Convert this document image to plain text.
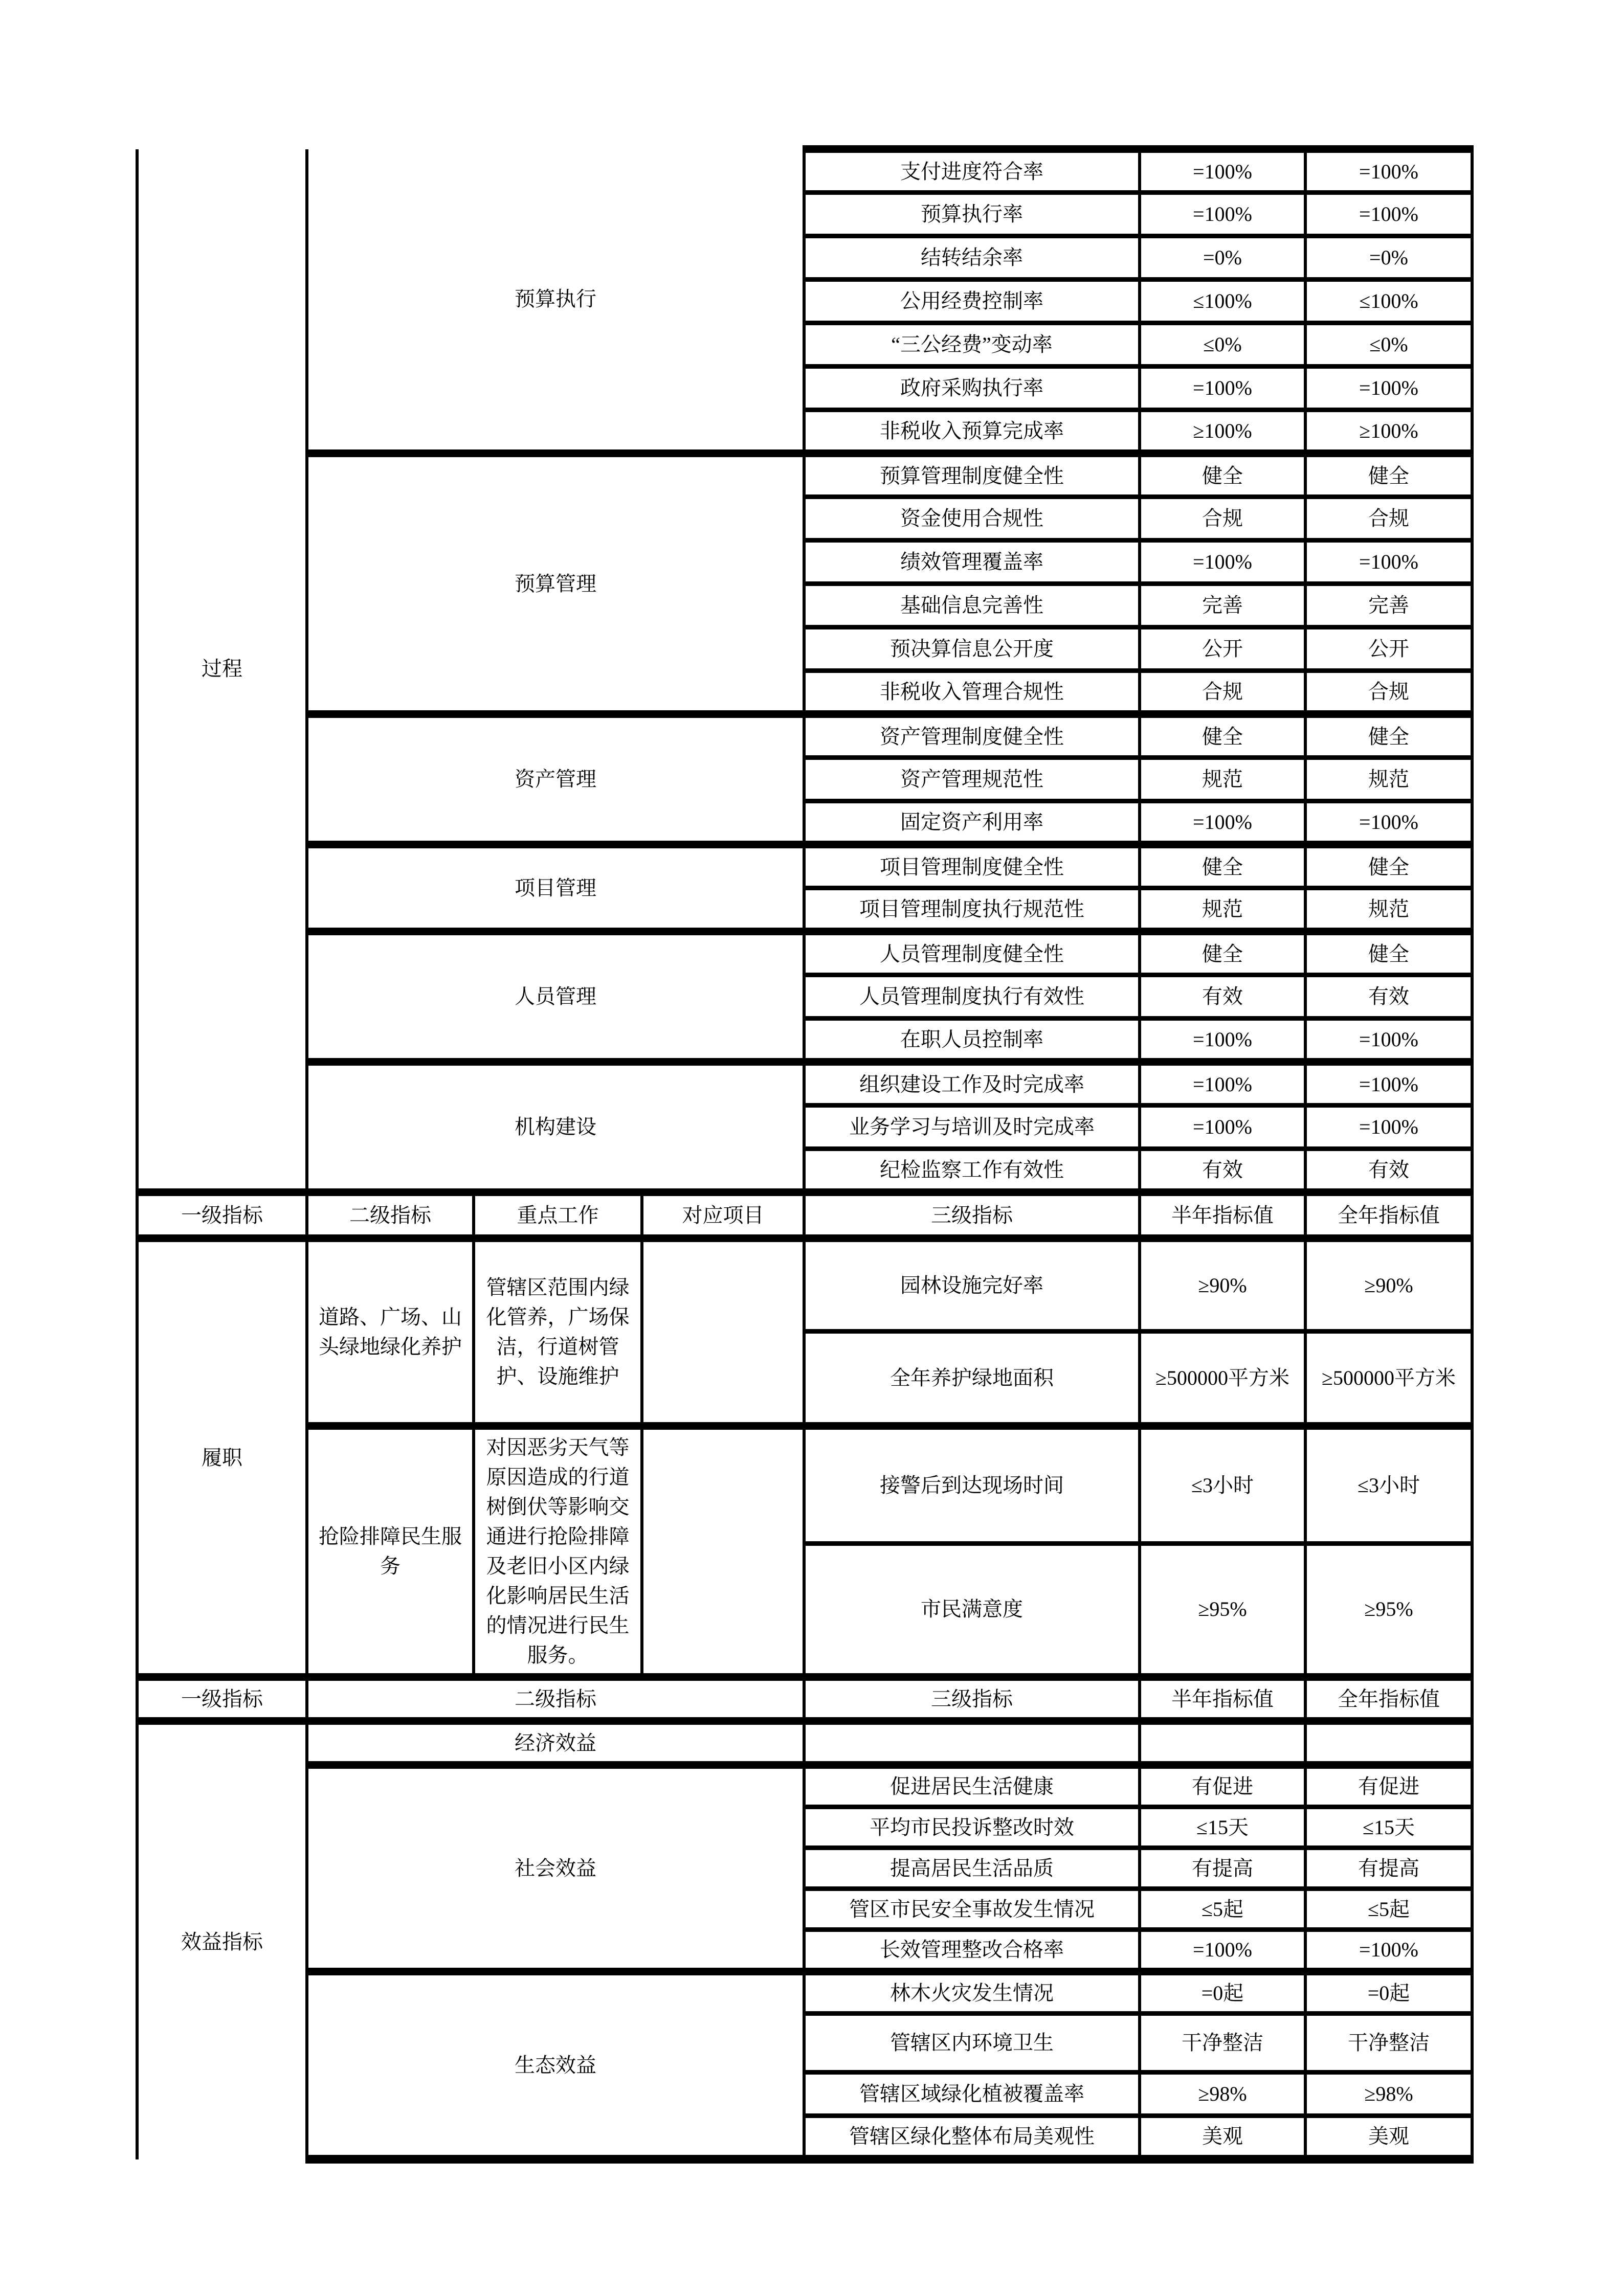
过程	预算执行			支付进度符合率	=100%	=100%
				预算执行率	=100%	=100%
				结转结余率	=0%	=0%
				公用经费控制率	≤100%	≤100%
				“三公经费”变动率	≤0%	≤0%
				政府采购执行率	=100%	=100%
				非税收入预算完成率	≥100%	≥100%
	预算管理			预算管理制度健全性	健全	健全
				资金使用合规性	合规	合规
				绩效管理覆盖率	=100%	=100%
				基础信息完善性	完善	完善
				预决算信息公开度	公开	公开
				非税收入管理合规性	合规	合规
	资产管理			资产管理制度健全性	健全	健全
				资产管理规范性	规范	规范
				固定资产利用率	=100%	=100%
	项目管理			项目管理制度健全性	健全	健全
				项目管理制度执行规范性	规范	规范
	人员管理			人员管理制度健全性	健全	健全
				人员管理制度执行有效性	有效	有效
				在职人员控制率	=100%	=100%
	机构建设			组织建设工作及时完成率	=100%	=100%
				业务学习与培训及时完成率	=100%	=100%
				纪检监察工作有效性	有效	有效
一级指标	二级指标	重点工作	对应项目	三级指标	半年指标值	全年指标值
履职	道路、广场、山头绿地绿化养护	管辖区范围内绿化管养，广场保洁，行道树管护、设施维护		园林设施完好率	≥90%	≥90%
				全年养护绿地面积	≥500000平方米	≥500000平方米
	抢险排障民生服务	对因恶劣天气等原因造成的行道树倒伏等影响交通进行抢险排障及老旧小区内绿化影响居民生活的情况进行民生服务。		接警后到达现场时间	≤3小时	≤3小时
				市民满意度	≥95%	≥95%
一级指标	二级指标			三级指标	半年指标值	全年指标值
效益指标	经济效益					
	社会效益			促进居民生活健康	有促进	有促进
				平均市民投诉整改时效	≤15天	≤15天
				提高居民生活品质	有提高	有提高
				管区市民安全事故发生情况	≤5起	≤5起
				长效管理整改合格率	=100%	=100%
	生态效益			林木火灾发生情况	=0起	=0起
				管辖区内环境卫生	干净整洁	干净整洁
				管辖区域绿化植被覆盖率	≥98%	≥98%
				管辖区绿化整体布局美观性	美观	美观
